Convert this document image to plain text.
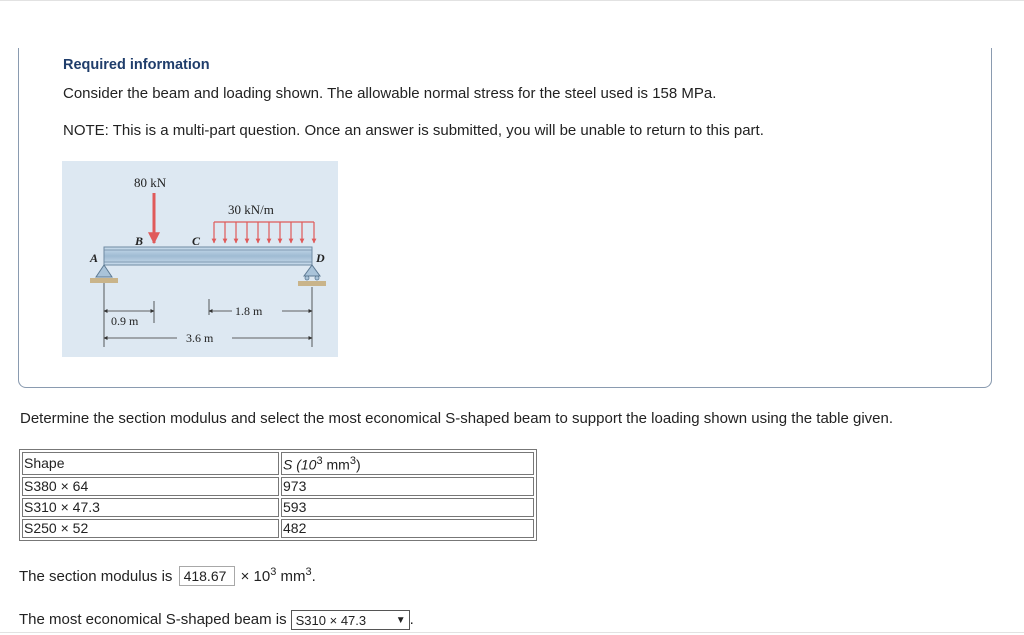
Required information
Consider the beam and loading shown. The allowable normal stress for the steel used is 158 MPa.
NOTE: This is a multi-part question. Once an answer is submitted, you will be unable to return to this part.
80 kN
30 kN/m
B	C
A	D
0.9 m
1.8 m
3.6 m
Determine the section modulus and select the most economical S-shaped beam to support the loading shown using the table given.
Shape	S ($10^3$ $mm^3$)
S380 × 64	973
S310 × 47.3	593
S250 × 52	482
The section modulus is $418.67 \times 10^3$ $mm^3$.
The most economical S-shaped beam is S310 × 47.3	▼ .
